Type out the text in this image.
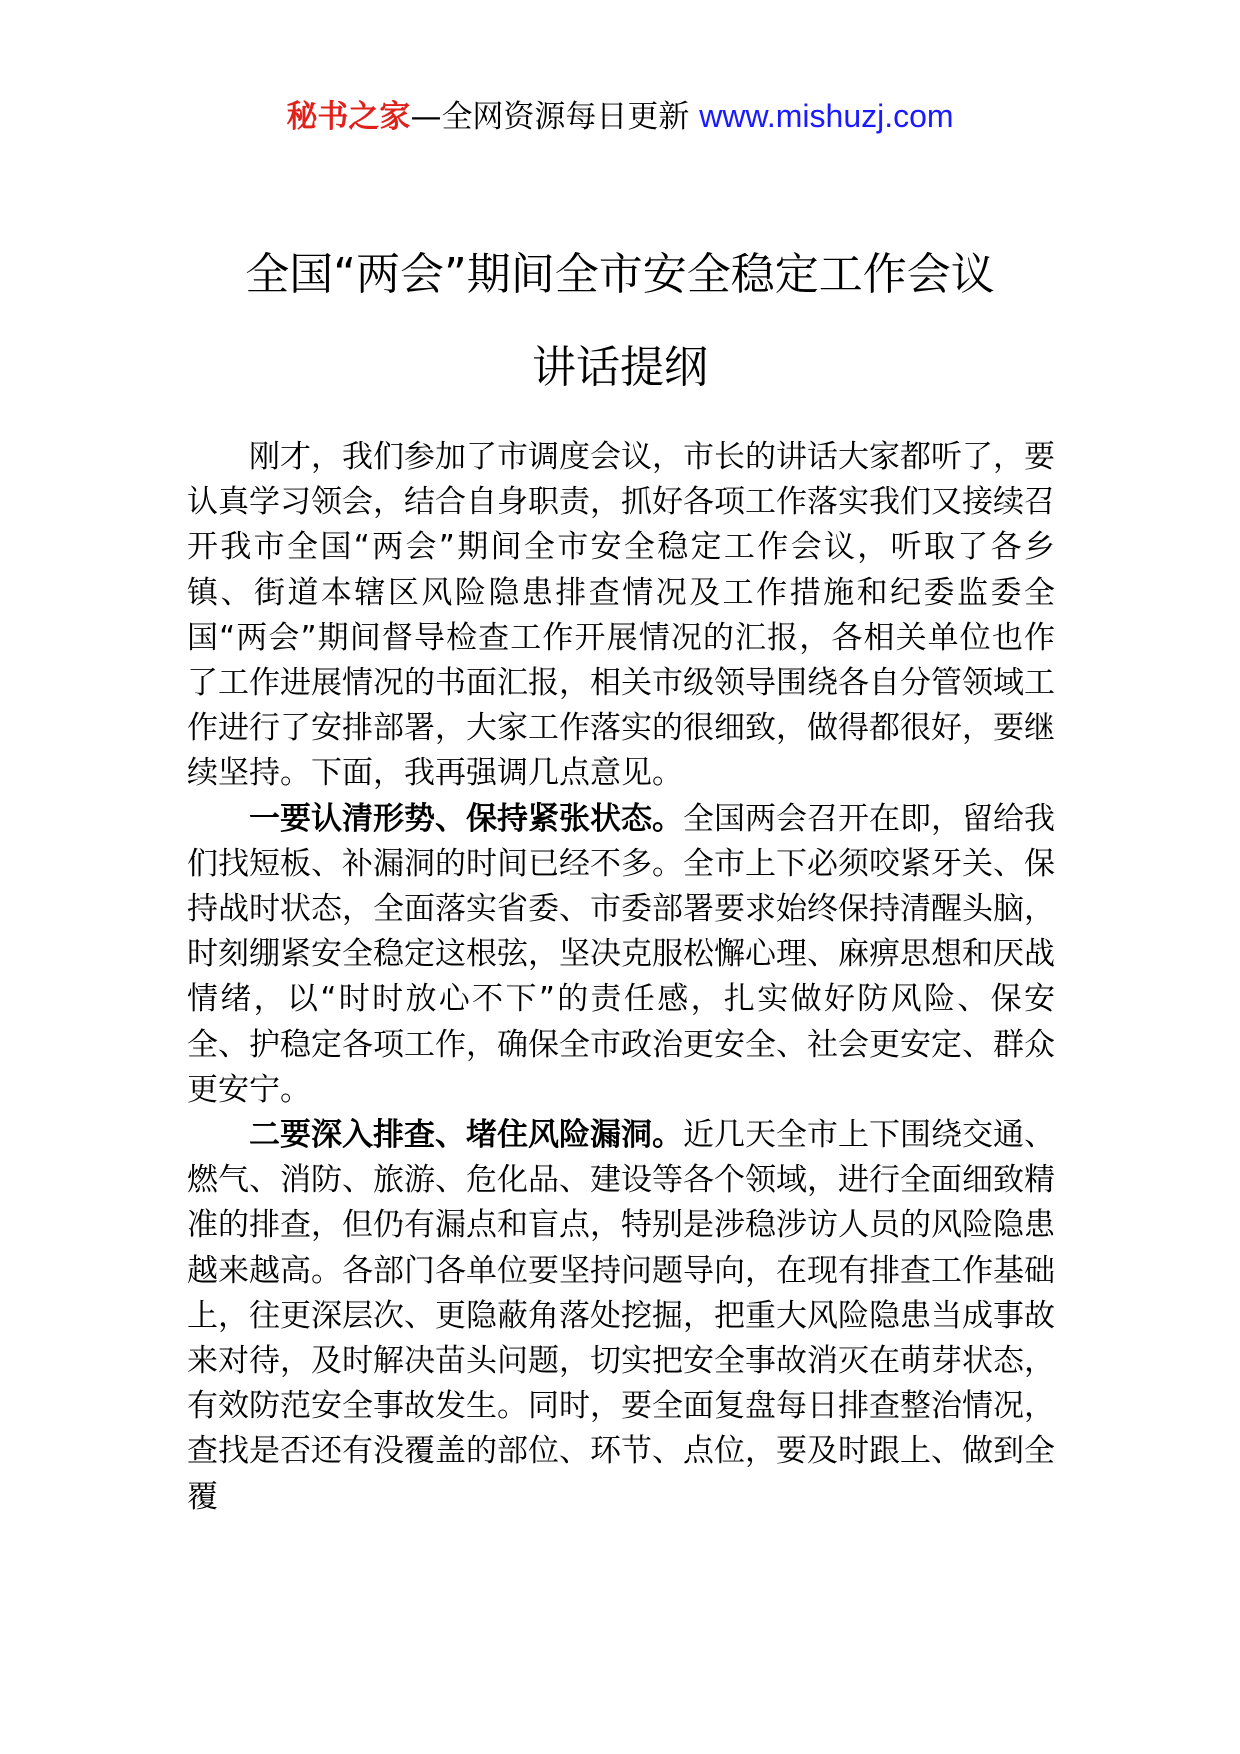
秘书之家—全网资源每日更新 www.mishuzj.com
全国“两会”期间全市安全稳定工作会议
讲话提纲

刚才，我们参加了市调度会议，市长的讲话大家都听了，要认真学习领会，结合自身职责，抓好各项工作落实我们又接续召开我市全国“两会”期间全市安全稳定工作会议，听取了各乡镇、街道本辖区风险隐患排查情况及工作措施和纪委监委全国“两会”期间督导检查工作开展情况的汇报，各相关单位也作了工作进展情况的书面汇报，相关市级领导围绕各自分管领域工作进行了安排部署，大家工作落实的很细致，做得都很好，要继续坚持。下面，我再强调几点意见。

一要认清形势、保持紧张状态。全国两会召开在即，留给我们找短板、补漏洞的时间已经不多。全市上下必须咬紧牙关、保持战时状态，全面落实省委、市委部署要求始终保持清醒头脑，时刻绷紧安全稳定这根弦，坚决克服松懈心理、麻痹思想和厌战情绪，以“时时放心不下”的责任感，扎实做好防风险、保安全、护稳定各项工作，确保全市政治更安全、社会更安定、群众更安宁。

二要深入排查、堵住风险漏洞。近几天全市上下围绕交通、燃气、消防、旅游、危化品、建设等各个领域，进行全面细致精准的排查，但仍有漏点和盲点，特别是涉稳涉访人员的风险隐患越来越高。各部门各单位要坚持问题导向，在现有排查工作基础上，往更深层次、更隐蔽角落处挖掘，把重大风险隐患当成事故来对待，及时解决苗头问题，切实把安全事故消灭在萌芽状态，有效防范安全事故发生。同时，要全面复盘每日排查整治情况，查找是否还有没覆盖的部位、环节、点位，要及时跟上、做到全覆
